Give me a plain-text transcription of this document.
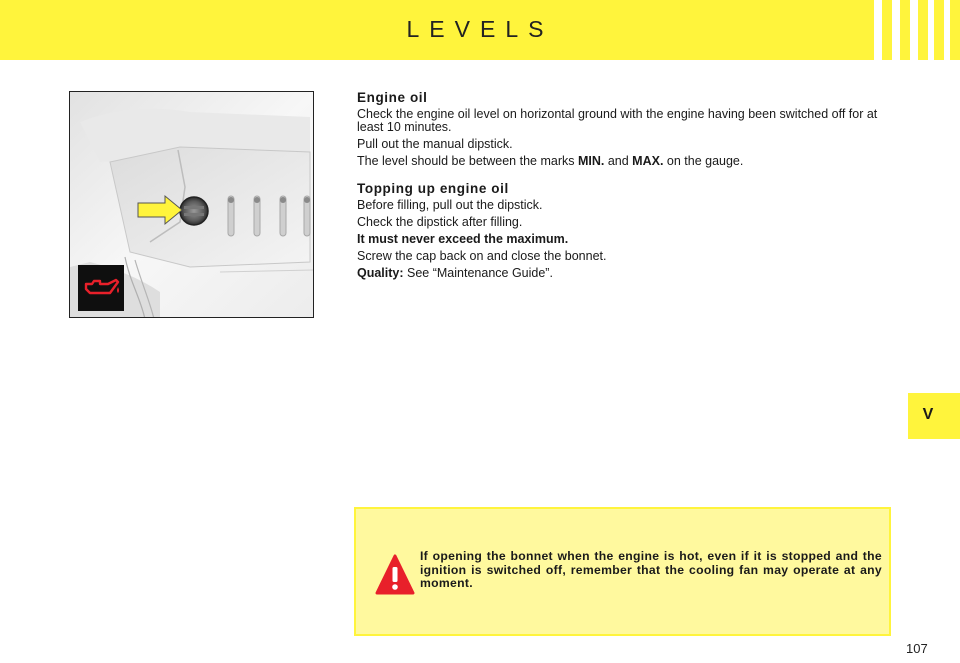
LEVELS
Engine oil

Check the engine oil level on horizontal ground with the engine having been switched off for at least 10 minutes.

Pull out the manual dipstick.

The level should be between the marks MIN. and MAX. on the gauge.

Topping up engine oil

Before filling, pull out the dipstick.

Check the dipstick after filling.

It must never exceed the maximum.

Screw the cap back on and close the bonnet.

Quality: See “Maintenance Guide”.

If opening the bonnet when the engine is hot, even if it is stopped and the ignition is switched off, remember that the cooling fan may operate at any moment.
V
107
